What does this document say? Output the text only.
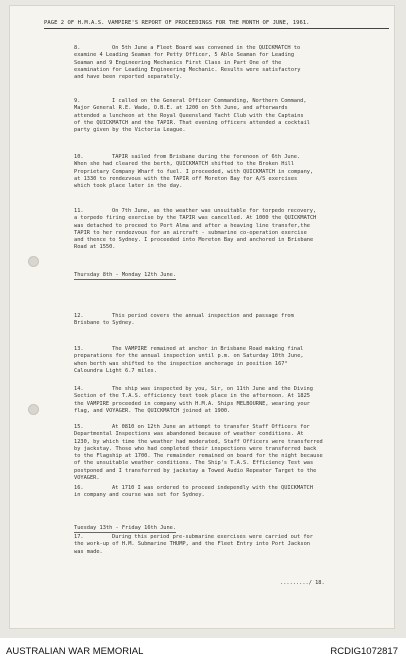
PAGE 2 OF H.M.A.S. VAMPIRE'S REPORT OF PROCEEDINGS FOR THE MONTH OF JUNE, 1961.
8.	On 5th June a Fleet Board was convened in the QUICKMATCH to
examine 4 Leading Seaman for Petty Officer, 5 Able Seaman for Leading
Seaman and 9 Engineering Mechanics First Class in Part One of the
examination for Leading Engineering Mechanic. Results were satisfactory
and have been reported separately.
9.	I called on the General Officer Commanding, Northern Command,
Major General R.E. Wade, O.B.E. at 1200 on 5th June, and afterwards
attended a luncheon at the Royal Queensland Yacht Club with the Captains
of the QUICKMATCH and the TAPIR. That evening officers attended a cocktail
party given by the Victoria League.
10.	TAPIR sailed from Brisbane during the forenoon of 6th June.
When she had cleared the berth, QUICKMATCH shifted to the Broken Hill
Proprietary Company Wharf to fuel. I proceeded, with QUICKMATCH in company,
at 1330 to rendezvous with the TAPIR off Moreton Bay for A/S exercises
which took place later in the day.
11.	On 7th June, as the weather was unsuitable for torpedo recovery,
a torpedo firing exercise by the TAPIR was cancelled. At 1000 the QUICKMATCH
was detached to proceed to Port Alma and after a heaving line transfer,the
TAPIR to her rendezvous for an aircraft - submarine co-operation exercise
and thence to Sydney. I proceeded into Moreton Bay and anchored in Brisbane
Road at 1550.
12.	This period covers the annual inspection and passage from
Brisbane to Sydney.
13.	The VAMPIRE remained at anchor in Brisbane Road making final
preparations for the annual inspection until p.m. on Saturday 10th June,
when berth was shifted to the inspection anchorage in position 167°
Caloundra Light 6.7 miles.
14.	The ship was inspected by you, Sir, on 11th June and the Diving
Section of the T.A.S. efficiency test took place in the afternoon. At 1825
the VAMPIRE proceeded in company with H.M.A. Ships MELBOURNE, wearing your
flag, and VOYAGER. The QUICKMATCH joined at 1900.
15.	At 0810 on 12th June an attempt to transfer Staff Officers for
Departmental Inspections was abandoned because of weather conditions. At
1230, by which time the weather had moderated, Staff Officers were transferred
by jackstay. Those who had completed their inspections were transferred back
to the Flagship at 1700. The remainder remained on board for the night because
of the unsuitable weather conditions. The Ship's T.A.S. Efficiency Test was
postponed and I transferred by jackstay a Towed Audio Repeater Target to the
VOYAGER.
16.	At 1710 I was ordered to proceed independly with the QUICKMATCH
in company and course was set for Sydney.
17.	During this period pre-submarine exercises were carried out for
the work-up of H.M. Submarine THUMP, and the Fleet Entry into Port Jackson
was made.
Thursday 8th - Monday 12th June.
Tuesday 13th - Friday 16th June.
........./ 18.
AUSTRALIAN WAR MEMORIAL	RCDIG1072817
